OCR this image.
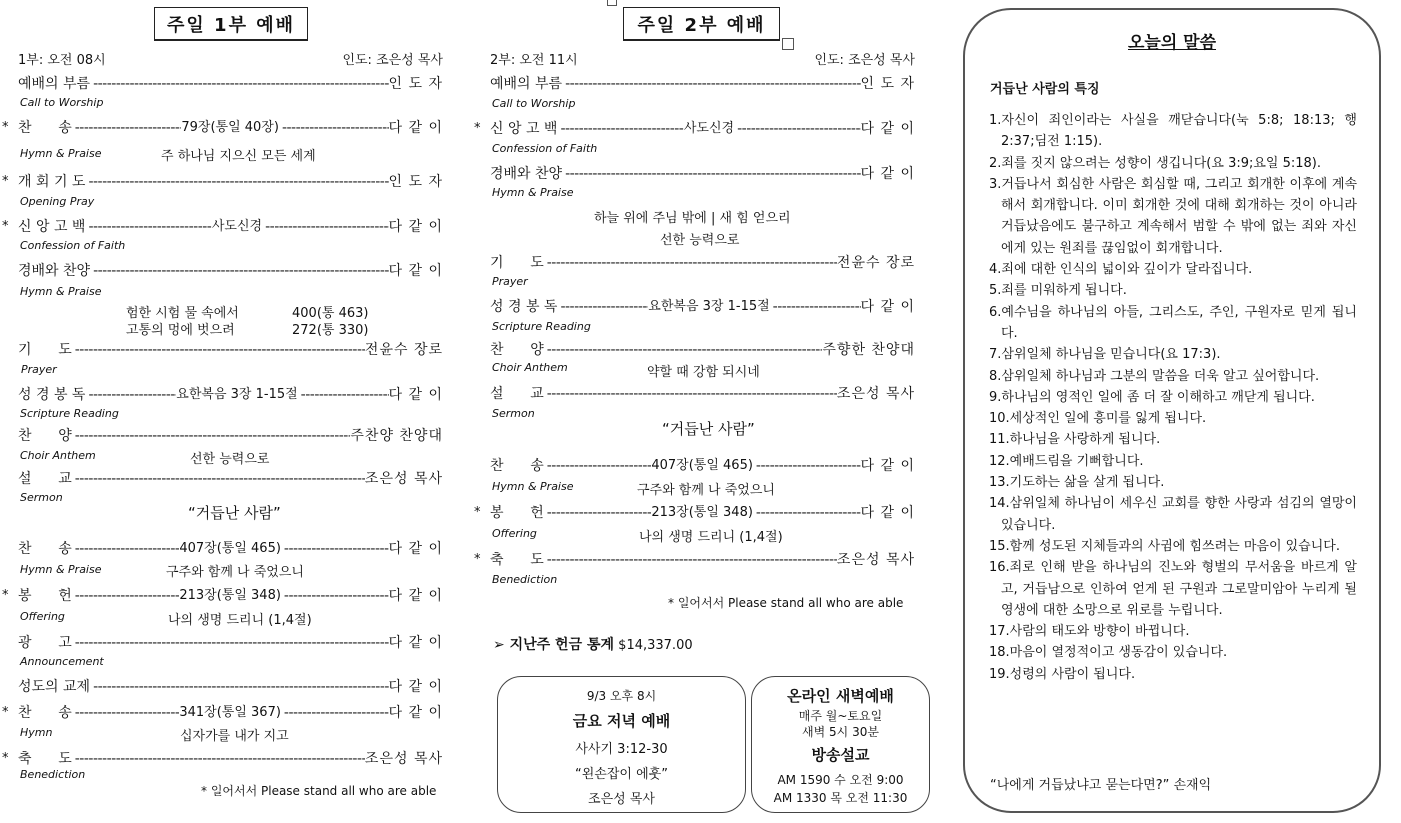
주일 1부 예배
1부: 오전 08시	인도: 조은성 목사
예배의 부름 -----	인 도 자
Call to Worship
* 찬      송 -----	79장(통일 40장) -----	다 같 이
Hymn & Praise	주 하나님 지으신 모든 세계
* 개 회 기 도 -----	인 도 자
Opening Pray
* 신 앙 고 백 -----	사도신경 -----	다 같 이
Confession of Faith
경배와 찬양 -----	다 같 이
Hymn & Praise
기      도 -----	전윤수 장로
Prayer
성 경 봉 독 -----	요한복음 3장 1-15절 -----	다 같 이
Scripture Reading
찬      양 -----	주찬양 찬양대
Choir Anthem	선한 능력으로
설      교 -----	조은성 목사
Sermon
찬      송 -----	407장(통일 465) -----	다 같 이
Hymn & Praise	구주와 함께 나 죽었으니
* 봉      헌 -----	213장(통일 348) -----	다 같 이
Offering	나의 생명 드리니 (1,4절)
광      고 -----	다 같 이
Announcement
성도의 교제 -----	다 같 이
* 찬      송 -----	341장(통일 367) -----	다 같 이
Hymn	십자가를 내가 지고
* 축      도 -----	조은성 목사
Benediction
험한 시험 물 속에서	400(통 463)
고통의 멍에 벗으려	272(통 330)
“거듭난 사람”
* 일어서서 Please stand all who are able
주일 2부 예배
2부: 오전 11시	인도: 조은성 목사
예배의 부름 -----	인 도 자
Call to Worship
* 신 앙 고 백 -----	사도신경 -----	다 같 이
Confession of Faith
경배와 찬양 -----	다 같 이
Hymn & Praise
기      도 -----	전윤수 장로
Prayer
성 경 봉 독 -----	요한복음 3장 1-15절 -----	다 같 이
Scripture Reading
찬      양 -----	주향한 찬양대
Choir Anthem	약할 때 강함 되시네
설      교 -----	조은성 목사
Sermon
찬      송 -----	407장(통일 465) -----	다 같 이
Hymn & Praise	구주와 함께 나 죽었으니
* 봉      헌 -----	213장(통일 348) -----	다 같 이
Offering	나의 생명 드리니 (1,4절)
* 축      도 -----	조은성 목사
Benediction
하늘 위에 주님 밖에 | 새 힘 얻으리
선한 능력으로
“거듭난 사람”
* 일어서서 Please stand all who are able
➢ 지난주 헌금 통계 $14,337.00
9/3 오후 8시
금요 저녁 예배
사사기 3:12-30
“왼손잡이 에훗”
조은성 목사
온라인 새벽예배
매주 월~토요일
새벽 5시 30분
방송설교
AM 1590 수 오전 9:00
AM 1330 목 오전 11:30
오늘의 말씀
거듭난 사람의 특징
1.자신이 죄인이라는 사실을 깨닫습니다(눅 5:8; 18:13; 행 2:37;딤전 1:15).
2.죄를 짓지 않으려는 성향이 생깁니다(요 3:9;요일 5:18).
3.거듭나서 회심한 사람은 회심할 때, 그리고 회개한 이후에 계속해서 회개합니다. 이미 회개한 것에 대해 회개하는 것이 아니라 거듭났음에도 불구하고 계속해서 범할 수 밖에 없는 죄와 자신에게 있는 원죄를 끊임없이 회개합니다.
4.죄에 대한 인식의 넓이와 깊이가 달라집니다.
5.죄를 미워하게 됩니다.
6.예수님을 하나님의 아들, 그리스도, 주인, 구원자로 믿게 됩니다.
7.삼위일체 하나님을 믿습니다(요 17:3).
8.삼위일체 하나님과 그분의 말씀을 더욱 알고 싶어합니다.
9.하나님의 영적인 일에 좀 더 잘 이해하고 깨닫게 됩니다.
10.세상적인 일에 흥미를 잃게 됩니다.
11.하나님을 사랑하게 됩니다.
12.예배드림을 기뻐합니다.
13.기도하는 삶을 살게 됩니다.
14.삼위일체 하나님이 세우신 교회를 향한 사랑과 섬김의 열망이 있습니다.
15.함께 성도된 지체들과의 사귐에 힘쓰려는 마음이 있습니다.
16.죄로 인해 받을 하나님의 진노와 형벌의 무서움을 바르게 알고, 거듭남으로 인하여 얻게 된 구원과 그로말미암아 누리게 될 영생에 대한 소망으로 위로를 누립니다.
17.사람의 태도와 방향이 바뀝니다.
18.마음이 열정적이고 생동감이 있습니다.
19.성령의 사람이 됩니다.
“나에게 거듭났냐고 묻는다면?” 손재익
